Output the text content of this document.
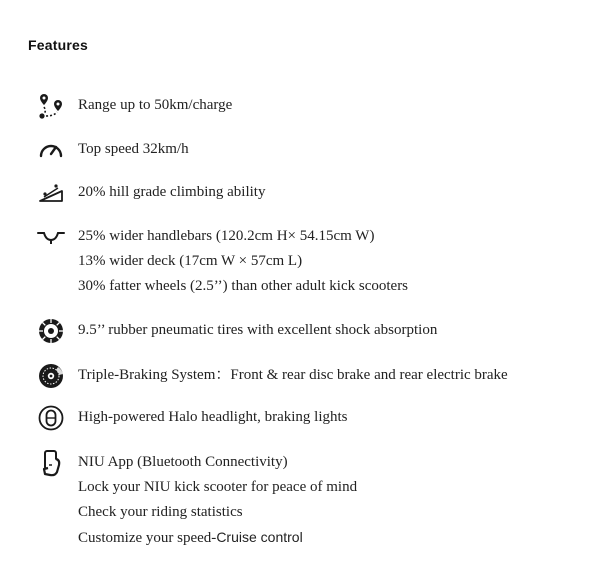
Features
Range up to 50km/charge
Top speed 32km/h
20% hill grade climbing ability
25% wider handlebars (120.2cm H× 54.15cm W)
13% wider deck (17cm W × 57cm L)
30% fatter wheels (2.5’’) than other adult kick scooters
9.5’’ rubber pneumatic tires with excellent shock absorption
Triple-Braking System：Front & rear disc brake and rear electric brake
High-powered Halo headlight, braking lights
NIU App (Bluetooth Connectivity)
Lock your NIU kick scooter for peace of mind
Check your riding statistics
Customize your speed-Cruise control
